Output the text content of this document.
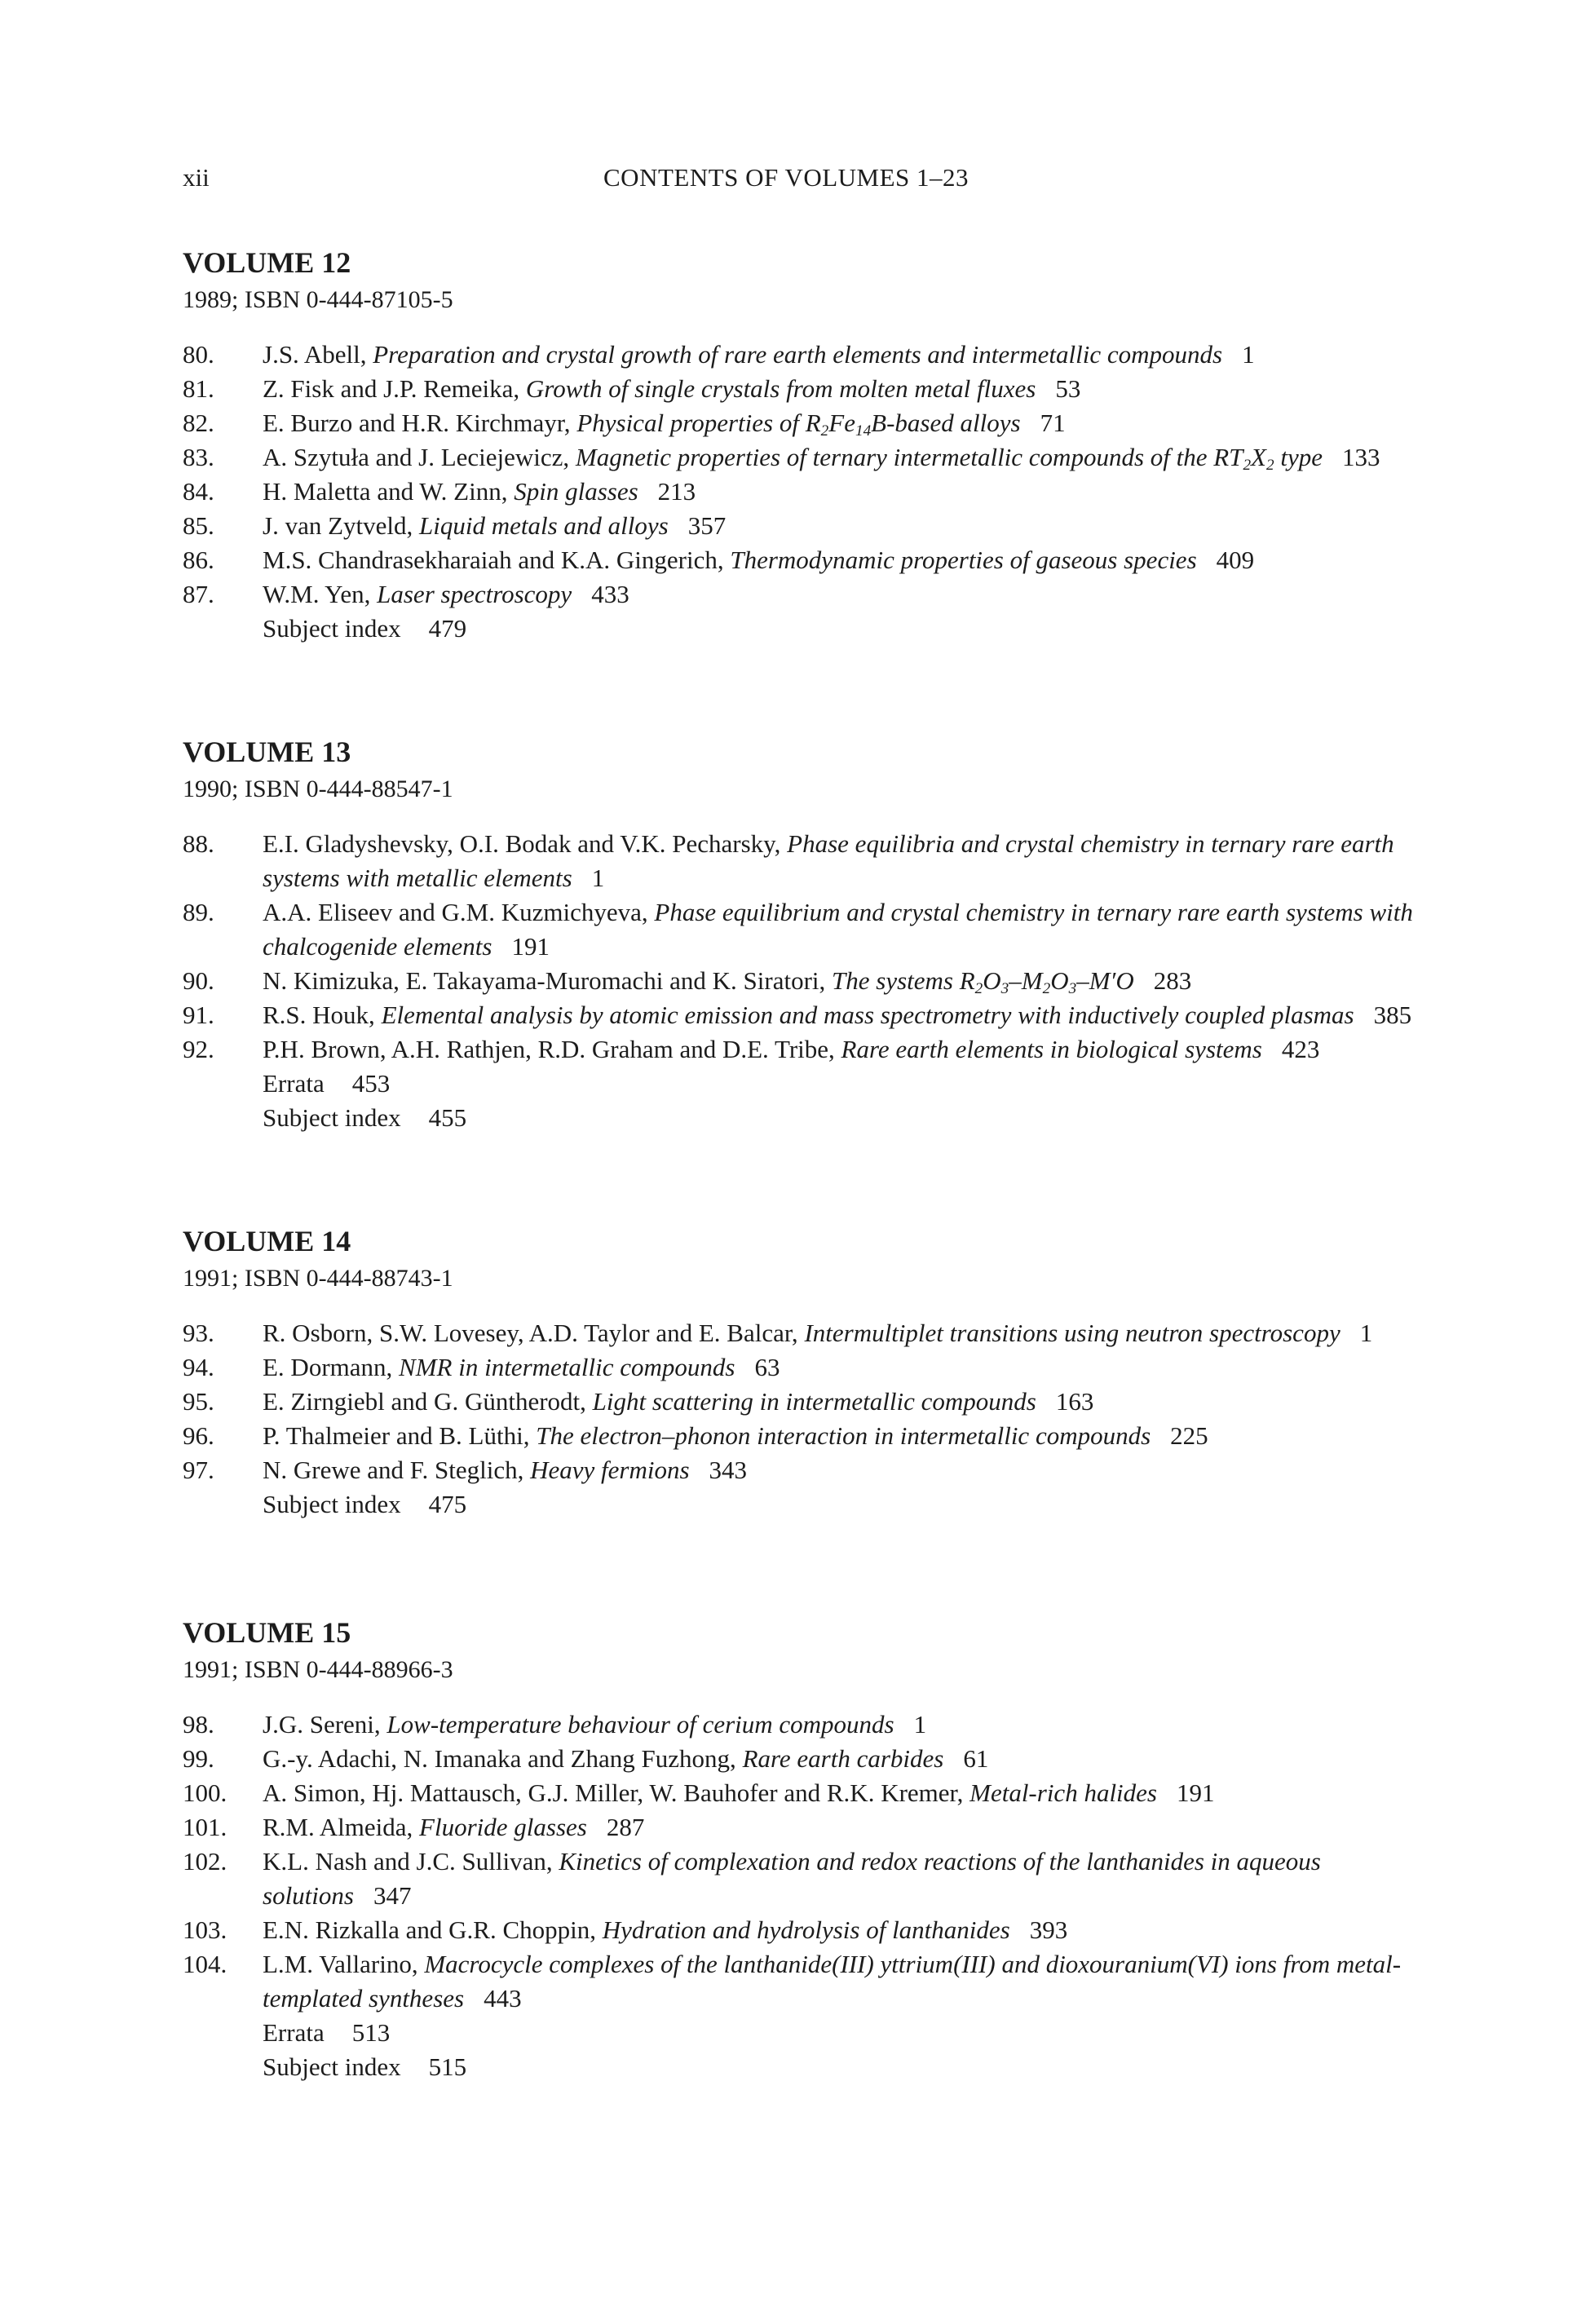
xii	CONTENTS OF VOLUMES 1–23
VOLUME 12
1989; ISBN 0-444-87105-5
80.	J.S. Abell, Preparation and crystal growth of rare earth elements and intermetallic compounds 1
81.	Z. Fisk and J.P. Remeika, Growth of single crystals from molten metal fluxes 53
82.	E. Burzo and H.R. Kirchmayr, Physical properties of $R_2Fe_{14}B$-based alloys 71
83.	A. Szytuła and J. Leciejewicz, Magnetic properties of ternary intermetallic compounds of the $RT_2X_2$ type 133
84.	H. Maletta and W. Zinn, Spin glasses 213
85.	J. van Zytveld, Liquid metals and alloys 357
86.	M.S. Chandrasekharaiah and K.A. Gingerich, Thermodynamic properties of gaseous species 409
87.	W.M. Yen, Laser spectroscopy 433
Subject index 479
VOLUME 13
1990; ISBN 0-444-88547-1
88.	E.I. Gladyshevsky, O.I. Bodak and V.K. Pecharsky, Phase equilibria and crystal chemistry in ternary rare earth systems with metallic elements 1
89.	A.A. Eliseev and G.M. Kuzmichyeva, Phase equilibrium and crystal chemistry in ternary rare earth systems with chalcogenide elements 191
90.	N. Kimizuka, E. Takayama-Muromachi and K. Siratori, The systems $R_2O_3-M_2O_3-M'O$ 283
91.	R.S. Houk, Elemental analysis by atomic emission and mass spectrometry with inductively coupled plasmas 385
92.	P.H. Brown, A.H. Rathjen, R.D. Graham and D.E. Tribe, Rare earth elements in biological systems 423
Errata 453
Subject index 455
VOLUME 14
1991; ISBN 0-444-88743-1
93.	R. Osborn, S.W. Lovesey, A.D. Taylor and E. Balcar, Intermultiplet transitions using neutron spectroscopy 1
94.	E. Dormann, NMR in intermetallic compounds 63
95.	E. Zirngiebl and G. Güntherodt, Light scattering in intermetallic compounds 163
96.	P. Thalmeier and B. Lüthi, The electron–phonon interaction in intermetallic compounds 225
97.	N. Grewe and F. Steglich, Heavy fermions 343
Subject index 475
VOLUME 15
1991; ISBN 0-444-88966-3
98.	J.G. Sereni, Low-temperature behaviour of cerium compounds 1
99.	G.-y. Adachi, N. Imanaka and Zhang Fuzhong, Rare earth carbides 61
100.	A. Simon, Hj. Mattausch, G.J. Miller, W. Bauhofer and R.K. Kremer, Metal-rich halides 191
101.	R.M. Almeida, Fluoride glasses 287
102.	K.L. Nash and J.C. Sullivan, Kinetics of complexation and redox reactions of the lanthanides in aqueous solutions 347
103.	E.N. Rizkalla and G.R. Choppin, Hydration and hydrolysis of lanthanides 393
104.	L.M. Vallarino, Macrocycle complexes of the lanthanide(III) yttrium(III) and dioxouranium(VI) ions from metal-templated syntheses 443
Errata 513
Subject index 515
